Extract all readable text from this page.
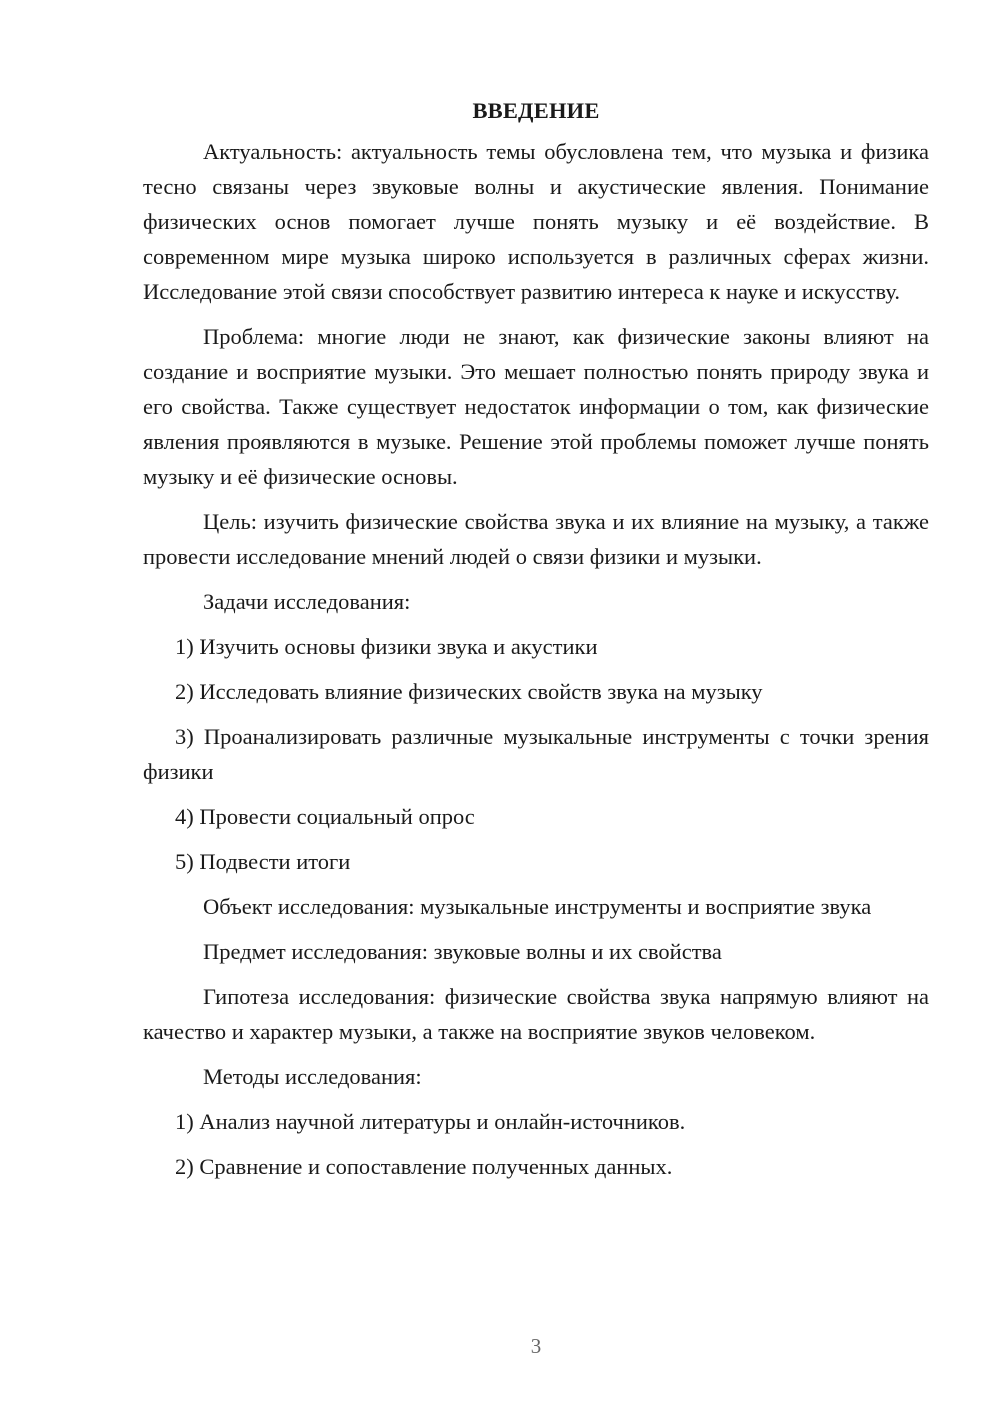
ВВЕДЕНИЕ

Актуальность: актуальность темы обусловлена тем, что музыка и физика тесно связаны через звуковые волны и акустические явления. Понимание физических основ помогает лучше понять музыку и её воздействие. В современном мире музыка широко используется в различных сферах жизни. Исследование этой связи способствует развитию интереса к науке и искусству.

Проблема: многие люди не знают, как физические законы влияют на создание и восприятие музыки. Это мешает полностью понять природу звука и его свойства. Также существует недостаток информации о том, как физические явления проявляются в музыке. Решение этой проблемы поможет лучше понять музыку и её физические основы.

Цель: изучить физические свойства звука и их влияние на музыку, а также провести исследование мнений людей о связи физики и музыки.

Задачи исследования:

1) Изучить основы физики звука и акустики

2) Исследовать влияние физических свойств звука на музыку

3) Проанализировать различные музыкальные инструменты с точки зрения физики

4) Провести социальный опрос

5) Подвести итоги

Объект исследования: музыкальные инструменты и восприятие звука

Предмет исследования: звуковые волны и их свойства

Гипотеза исследования: физические свойства звука напрямую влияют на качество и характер музыки, а также на восприятие звуков человеком.

Методы исследования:

1) Анализ научной литературы и онлайн-источников.

2) Сравнение и сопоставление полученных данных.

3
